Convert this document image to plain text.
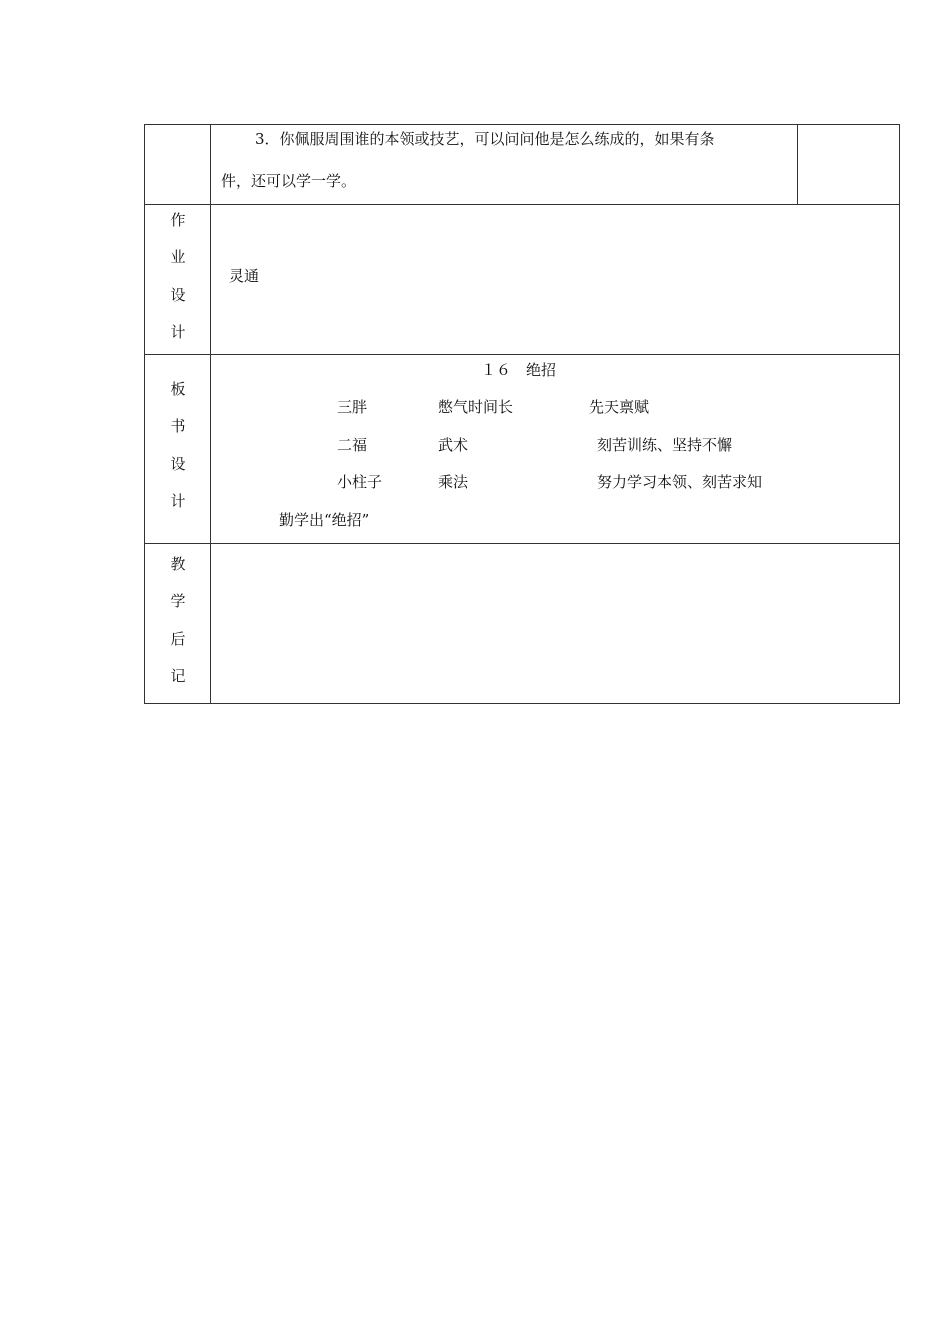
3．你佩服周围谁的本领或技艺，可以问问他是怎么练成的，如果有条
件，还可以学一学。
作
业
设
计
灵通
板
书
设
计
１６　绝招
三胖	憋气时间长	先天禀赋
二福	武术	刻苦训练、坚持不懈
小柱子	乘法	努力学习本领、刻苦求知
勤学出“绝招”
教
学
后
记
